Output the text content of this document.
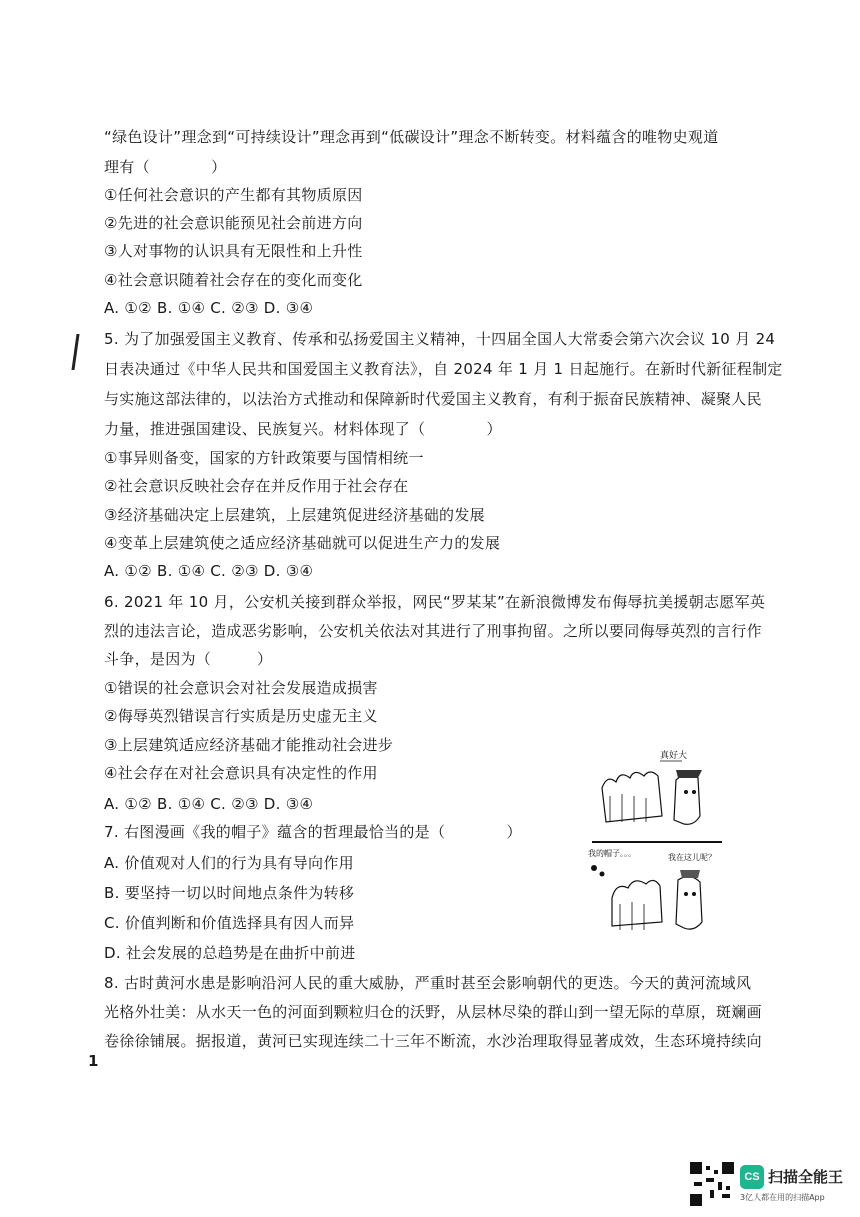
“绿色设计”理念到“可持续设计”理念再到“低碳设计”理念不断转变。材料蕴含的唯物史观道
理有（　　　　）
①任何社会意识的产生都有其物质原因
②先进的社会意识能预见社会前进方向
③人对事物的认识具有无限性和上升性
④社会意识随着社会存在的变化而变化
A. ①② B. ①④ C. ②③ D. ③④
5. 为了加强爱国主义教育、传承和弘扬爱国主义精神，十四届全国人大常委会第六次会议 10 月 24
日表决通过《中华人民共和国爱国主义教育法》，自 2024 年 1 月 1 日起施行。在新时代新征程制定
与实施这部法律的，以法治方式推动和保障新时代爱国主义教育，有利于振奋民族精神、凝聚人民
力量，推进强国建设、民族复兴。材料体现了（　　　　）
①事异则备变，国家的方针政策要与国情相统一
②社会意识反映社会存在并反作用于社会存在
③经济基础决定上层建筑，上层建筑促进经济基础的发展
④变革上层建筑使之适应经济基础就可以促进生产力的发展
A. ①② B. ①④ C. ②③ D. ③④
6. 2021 年 10 月，公安机关接到群众举报，网民“罗某某”在新浪微博发布侮辱抗美援朝志愿军英
烈的违法言论，造成恶劣影响，公安机关依法对其进行了刑事拘留。之所以要同侮辱英烈的言行作
斗争，是因为（　　　）
①错误的社会意识会对社会发展造成损害
②侮辱英烈错误言行实质是历史虚无主义
③上层建筑适应经济基础才能推动社会进步
④社会存在对社会意识具有决定性的作用
A. ①② B. ①④ C. ②③ D. ③④
7. 右图漫画《我的帽子》蕴含的哲理最恰当的是（　　　　）
A. 价值观对人们的行为具有导向作用
B. 要坚持一切以时间地点条件为转移
C. 价值判断和价值选择具有因人而异
D. 社会发展的总趋势是在曲折中前进
8. 古时黄河水患是影响沿河人民的重大威胁，严重时甚至会影响朝代的更迭。今天的黄河流域风
光格外壮美：从水天一色的河面到颗粒归仓的沃野，从层林尽染的群山到一望无际的草原，斑斓画
卷徐徐铺展。据报道，黄河已实现连续二十三年不断流，水沙治理取得显著成效，生态环境持续向
真好大
我的帽子。。。	我在这儿呢？
1
CS 扫描全能王
3亿人都在用的扫描App
